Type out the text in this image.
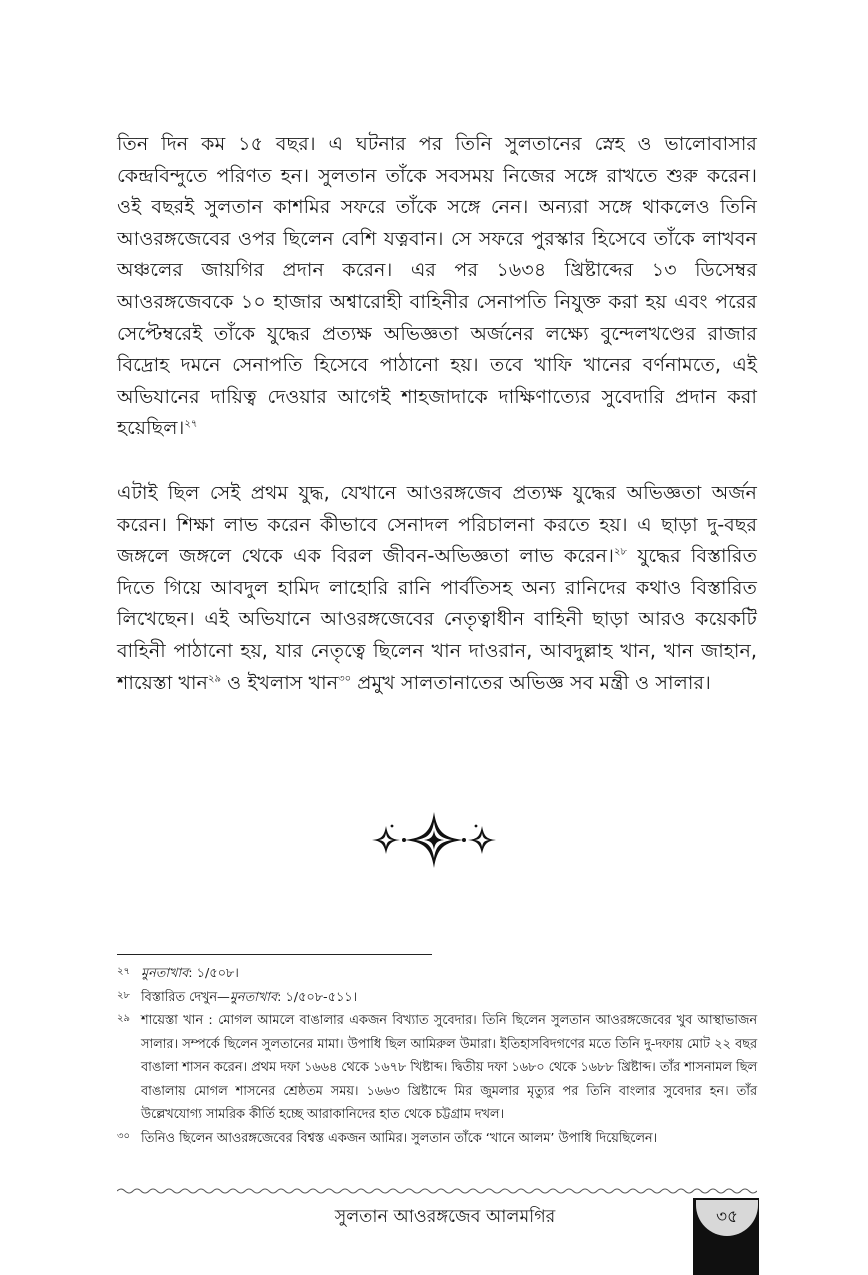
তিন দিন কম ১৫ বছর। এ ঘটনার পর তিনি সুলতানের স্নেহ ও ভালোবাসার কেন্দ্রবিন্দুতে পরিণত হন। সুলতান তাঁকে সবসময় নিজের সঙ্গে রাখতে শুরু করেন। ওই বছরই সুলতান কাশমির সফরে তাঁকে সঙ্গে নেন। অন্যরা সঙ্গে থাকলেও তিনি আওরঙ্গজেবের ওপর ছিলেন বেশি যত্নবান। সে সফরে পুরস্কার হিসেবে তাঁকে লাখবন অঞ্চলের জায়গির প্রদান করেন। এর পর ১৬৩৪ খ্রিষ্টাব্দের ১৩ ডিসেম্বর আওরঙ্গজেবকে ১০ হাজার অশ্বারোহী বাহিনীর সেনাপতি নিযুক্ত করা হয় এবং পরের সেপ্টেম্বরেই তাঁকে যুদ্ধের প্রত্যক্ষ অভিজ্ঞতা অর্জনের লক্ষ্যে বুন্দেলখণ্ডের রাজার বিদ্রোহ দমনে সেনাপতি হিসেবে পাঠানো হয়। তবে খাফি খানের বর্ণনামতে, এই অভিযানের দায়িত্ব দেওয়ার আগেই শাহজাদাকে দাক্ষিণাত্যের সুবেদারি প্রদান করা হয়েছিল।$^{২৭}$

এটাই ছিল সেই প্রথম যুদ্ধ, যেখানে আওরঙ্গজেব প্রত্যক্ষ যুদ্ধের অভিজ্ঞতা অর্জন করেন। শিক্ষা লাভ করেন কীভাবে সেনাদল পরিচালনা করতে হয়। এ ছাড়া দু-বছর জঙ্গলে জঙ্গলে থেকে এক বিরল জীবন-অভিজ্ঞতা লাভ করেন।$^{২৮}$ যুদ্ধের বিস্তারিত দিতে গিয়ে আবদুল হামিদ লাহোরি রানি পার্বতিসহ অন্য রানিদের কথাও বিস্তারিত লিখেছেন। এই অভিযানে আওরঙ্গজেবের নেতৃত্বাধীন বাহিনী ছাড়া আরও কয়েকটি বাহিনী পাঠানো হয়, যার নেতৃত্বে ছিলেন খান দাওরান, আবদুল্লাহ খান, খান জাহান, শায়েস্তা খান$^{২৯}$ ও ইখলাস খান$^{৩০}$ প্রমুখ সালতানাতের অভিজ্ঞ সব মন্ত্রী ও সালার।

২৭ মুনতাখাব: ১/৫০৮।
২৮ বিস্তারিত দেখুন—মুনতাখাব: ১/৫০৮-৫১১।
২৯ শায়েস্তা খান : মোগল আমলে বাঙালার একজন বিখ্যাত সুবেদার। তিনি ছিলেন সুলতান আওরঙ্গজেবের খুব আস্থাভাজন সালার। সম্পর্কে ছিলেন সুলতানের মামা। উপাধি ছিল আমিরুল উমারা। ইতিহাসবিদগণের মতে তিনি দু-দফায় মোট ২২ বছর বাঙালা শাসন করেন। প্রথম দফা ১৬৬৪ থেকে ১৬৭৮ খিষ্টাব্দ। দ্বিতীয় দফা ১৬৮০ থেকে ১৬৮৮ খ্রিষ্টাব্দ। তাঁর শাসনামল ছিল বাঙালায় মোগল শাসনের শ্রেষ্ঠতম সময়। ১৬৬৩ খ্রিষ্টাব্দে মির জুমলার মৃত্যুর পর তিনি বাংলার সুবেদার হন। তাঁর উল্লেখযোগ্য সামরিক কীর্তি হচ্ছে আরাকানিদের হাত থেকে চট্টগ্রাম দখল।
৩০ তিনিও ছিলেন আওরঙ্গজেবের বিশ্বস্ত একজন আমির। সুলতান তাঁকে ‘খানে আলম’ উপাধি দিয়েছিলেন।
সুলতান আওরঙ্গজেব আলমগির	৩৫
